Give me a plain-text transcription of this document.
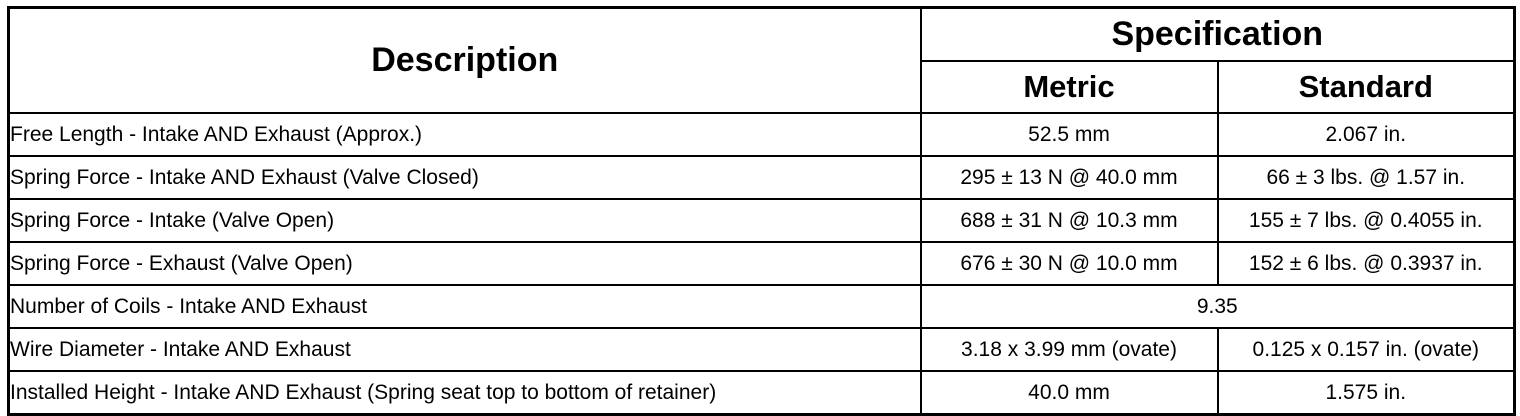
Description	Specification	
	Metric	Standard
Free Length - Intake AND Exhaust (Approx.)	52.5 mm	2.067 in.
Spring Force - Intake AND Exhaust (Valve Closed)	295 ± 13 N @ 40.0 mm	66 ± 3 lbs. @ 1.57 in.
Spring Force - Intake (Valve Open)	688 ± 31 N @ 10.3 mm	155 ± 7 lbs. @ 0.4055 in.
Spring Force - Exhaust (Valve Open)	676 ± 30 N @ 10.0 mm	152 ± 6 lbs. @ 0.3937 in.
Number of Coils - Intake AND Exhaust	9.35	
Wire Diameter - Intake AND Exhaust	3.18 x 3.99 mm (ovate)	0.125 x 0.157 in. (ovate)
Installed Height - Intake AND Exhaust (Spring seat top to bottom of retainer)	40.0 mm	1.575 in.
